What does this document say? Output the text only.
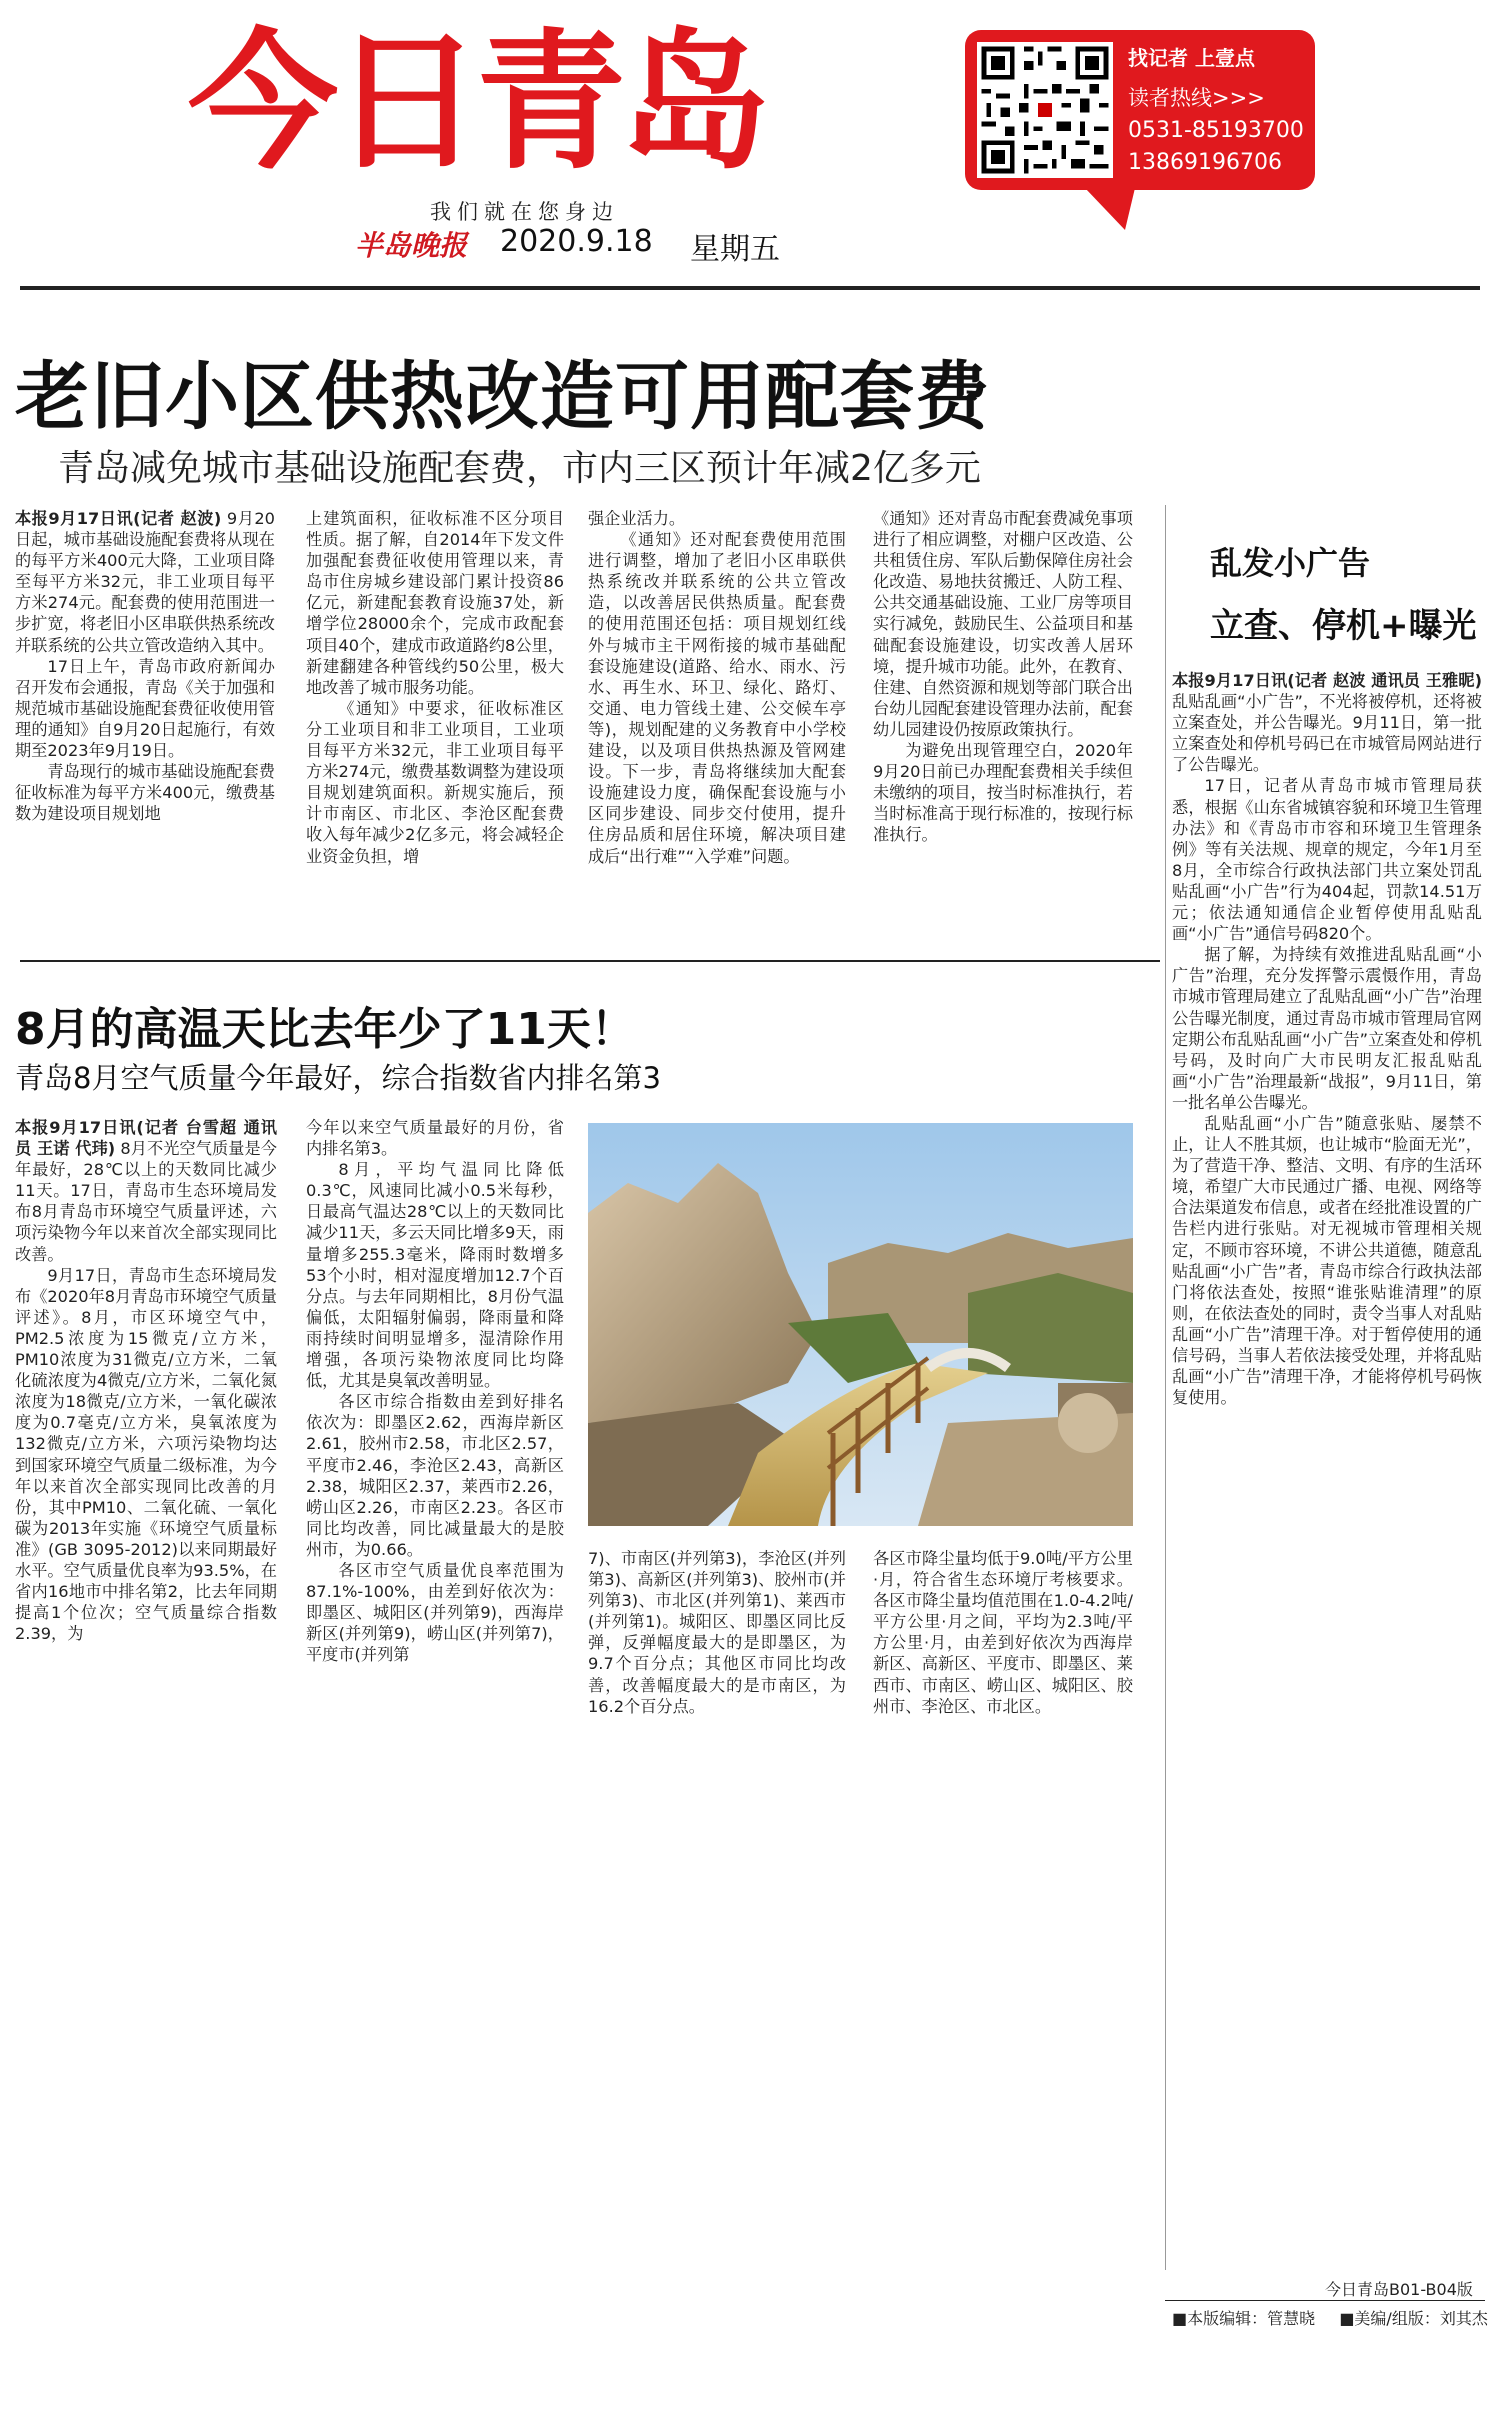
今日青岛
我们就在您身边
半岛晚报 2020.9.18 星期五
找记者 上壹点
读者热线>>>
0531-85193700
13869196706
老旧小区供热改造可用配套费
青岛减免城市基础设施配套费，市内三区预计年减2亿多元

本报9月17日讯(记者 赵波)

9月20日起，城市基础设施配套费将从现在的每平方米400元大降，工业项目降至每平方米32元，非工业项目每平方米274元。配套费的使用范围进一步扩宽，将老旧小区串联供热系统改并联系统的公共立管改造纳入其中。

17日上午，青岛市政府新闻办召开发布会通报，青岛《关于加强和规范城市基础设施配套费征收使用管理的通知》自9月20日起施行，有效期至2023年9月19日。

青岛现行的城市基础设施配套费征收标准为每平方米400元，缴费基数为建设项目规划地

上建筑面积，征收标准不区分项目性质。据了解，自2014年下发文件加强配套费征收使用管理以来，青岛市住房城乡建设部门累计投资86亿元，新建配套教育设施37处，新增学位28000余个，完成市政配套项目40个，建成市政道路约8公里，新建翻建各种管线约50公里，极大地改善了城市服务功能。

《通知》中要求，征收标准区分工业项目和非工业项目，工业项目每平方米32元，非工业项目每平方米274元，缴费基数调整为建设项目规划建筑面积。新规实施后，预计市南区、市北区、李沧区配套费收入每年减少2亿多元，将会减轻企业资金负担，增

强企业活力。

《通知》还对配套费使用范围进行调整，增加了老旧小区串联供热系统改并联系统的公共立管改造，以改善居民供热质量。配套费的使用范围还包括：项目规划红线外与城市主干网衔接的城市基础配套设施建设(道路、给水、雨水、污水、再生水、环卫、绿化、路灯、交通、电力管线土建、公交候车亭等)，规划配建的义务教育中小学校建设，以及项目供热热源及管网建设。下一步，青岛将继续加大配套设施建设力度，确保配套设施与小区同步建设、同步交付使用，提升住房品质和居住环境，解决项目建成后“出行难”“入学难”问题。

《通知》还对青岛市配套费减免事项进行了相应调整，对棚户区改造、公共租赁住房、军队后勤保障住房社会化改造、易地扶贫搬迁、人防工程、公共交通基础设施、工业厂房等项目实行减免，鼓励民生、公益项目和基础配套设施建设，切实改善人居环境，提升城市功能。此外，在教育、住建、自然资源和规划等部门联合出台幼儿园配套建设管理办法前，配套幼儿园建设仍按原政策执行。

为避免出现管理空白，2020年9月20日前已办理配套费相关手续但未缴纳的项目，按当时标准执行，若当时标准高于现行标准的，按现行标准执行。

8月的高温天比去年少了11天！
青岛8月空气质量今年最好，综合指数省内排名第3

本报9月17日讯(记者 台雪超 通讯员 王诺 代玮)

8月不光空气质量是今年最好，28℃以上的天数同比减少11天。17日，青岛市生态环境局发布8月青岛市环境空气质量评述，六项污染物今年以来首次全部实现同比改善。

9月17日，青岛市生态环境局发布《2020年8月青岛市环境空气质量评述》。8月，市区环境空气中，PM2.5浓度为15微克/立方米，PM10浓度为31微克/立方米，二氧化硫浓度为4微克/立方米，二氧化氮浓度为18微克/立方米，一氧化碳浓度为0.7毫克/立方米，臭氧浓度为132微克/立方米，六项污染物均达到国家环境空气质量二级标准，为今年以来首次全部实现同比改善的月份，其中PM10、二氧化硫、一氧化碳为2013年实施《环境空气质量标准》(GB 3095-2012)以来同期最好水平。空气质量优良率为93.5%，在省内16地市中排名第2，比去年同期提高1个位次；空气质量综合指数2.39，为

今年以来空气质量最好的月份，省内排名第3。

8月，平均气温同比降低0.3℃，风速同比减小0.5米每秒，日最高气温达28℃以上的天数同比减少11天，多云天同比增多9天，雨量增多255.3毫米，降雨时数增多53个小时，相对湿度增加12.7个百分点。与去年同期相比，8月份气温偏低，太阳辐射偏弱，降雨量和降雨持续时间明显增多，湿清除作用增强，各项污染物浓度同比均降低，尤其是臭氧改善明显。

各区市综合指数由差到好排名依次为：即墨区2.62，西海岸新区2.61，胶州市2.58，市北区2.57，平度市2.46，李沧区2.43，高新区2.38，城阳区2.37，莱西市2.26，崂山区2.26，市南区2.23。各区市同比均改善，同比减量最大的是胶州市，为0.66。

各区市空气质量优良率范围为87.1%-100%，由差到好依次为：即墨区、城阳区(并列第9)，西海岸新区(并列第9)，崂山区(并列第7)，平度市(并列第

7)、市南区(并列第3)，李沧区(并列第3)、高新区(并列第3)、胶州市(并列第3)、市北区(并列第1)、莱西市(并列第1)。城阳区、即墨区同比反弹，反弹幅度最大的是即墨区，为9.7个百分点；其他区市同比均改善，改善幅度最大的是市南区，为16.2个百分点。

各区市降尘量均低于9.0吨/平方公里·月，符合省生态环境厅考核要求。各区市降尘量均值范围在1.0-4.2吨/平方公里·月之间，平均为2.3吨/平方公里·月，由差到好依次为西海岸新区、高新区、平度市、即墨区、莱西市、市南区、崂山区、城阳区、胶州市、李沧区、市北区。

乱发小广告
立查、停机+曝光

本报9月17日讯(记者 赵波 通讯员 王雅昵)

乱贴乱画“小广告”，不光将被停机，还将被立案查处，并公告曝光。9月11日，第一批立案查处和停机号码已在市城管局网站进行了公告曝光。

17日，记者从青岛市城市管理局获悉，根据《山东省城镇容貌和环境卫生管理办法》和《青岛市市容和环境卫生管理条例》等有关法规、规章的规定，今年1月至8月，全市综合行政执法部门共立案处罚乱贴乱画“小广告”行为404起，罚款14.51万元；依法通知通信企业暂停使用乱贴乱画“小广告”通信号码820个。

据了解，为持续有效推进乱贴乱画“小广告”治理，充分发挥警示震慑作用，青岛市城市管理局建立了乱贴乱画“小广告”治理公告曝光制度，通过青岛市城市管理局官网定期公布乱贴乱画“小广告”立案查处和停机号码，及时向广大市民明友汇报乱贴乱画“小广告”治理最新“战报”，9月11日，第一批名单公告曝光。

乱贴乱画“小广告”随意张贴、屡禁不止，让人不胜其烦，也让城市“脸面无光”，为了营造干净、整洁、文明、有序的生活环境，希望广大市民通过广播、电视、网络等合法渠道发布信息，或者在经批准设置的广告栏内进行张贴。对无视城市管理相关规定，不顾市容环境，不讲公共道德，随意乱贴乱画“小广告”者，青岛市综合行政执法部门将依法查处，按照“谁张贴谁清理”的原则，在依法查处的同时，责令当事人对乱贴乱画“小广告”清理干净。对于暂停使用的通信号码，当事人若依法接受处理，并将乱贴乱画“小广告”清理干净，才能将停机号码恢复使用。

今日青岛B01-B04版
■本版编辑：管慧晓 ■美编/组版：刘其杰
